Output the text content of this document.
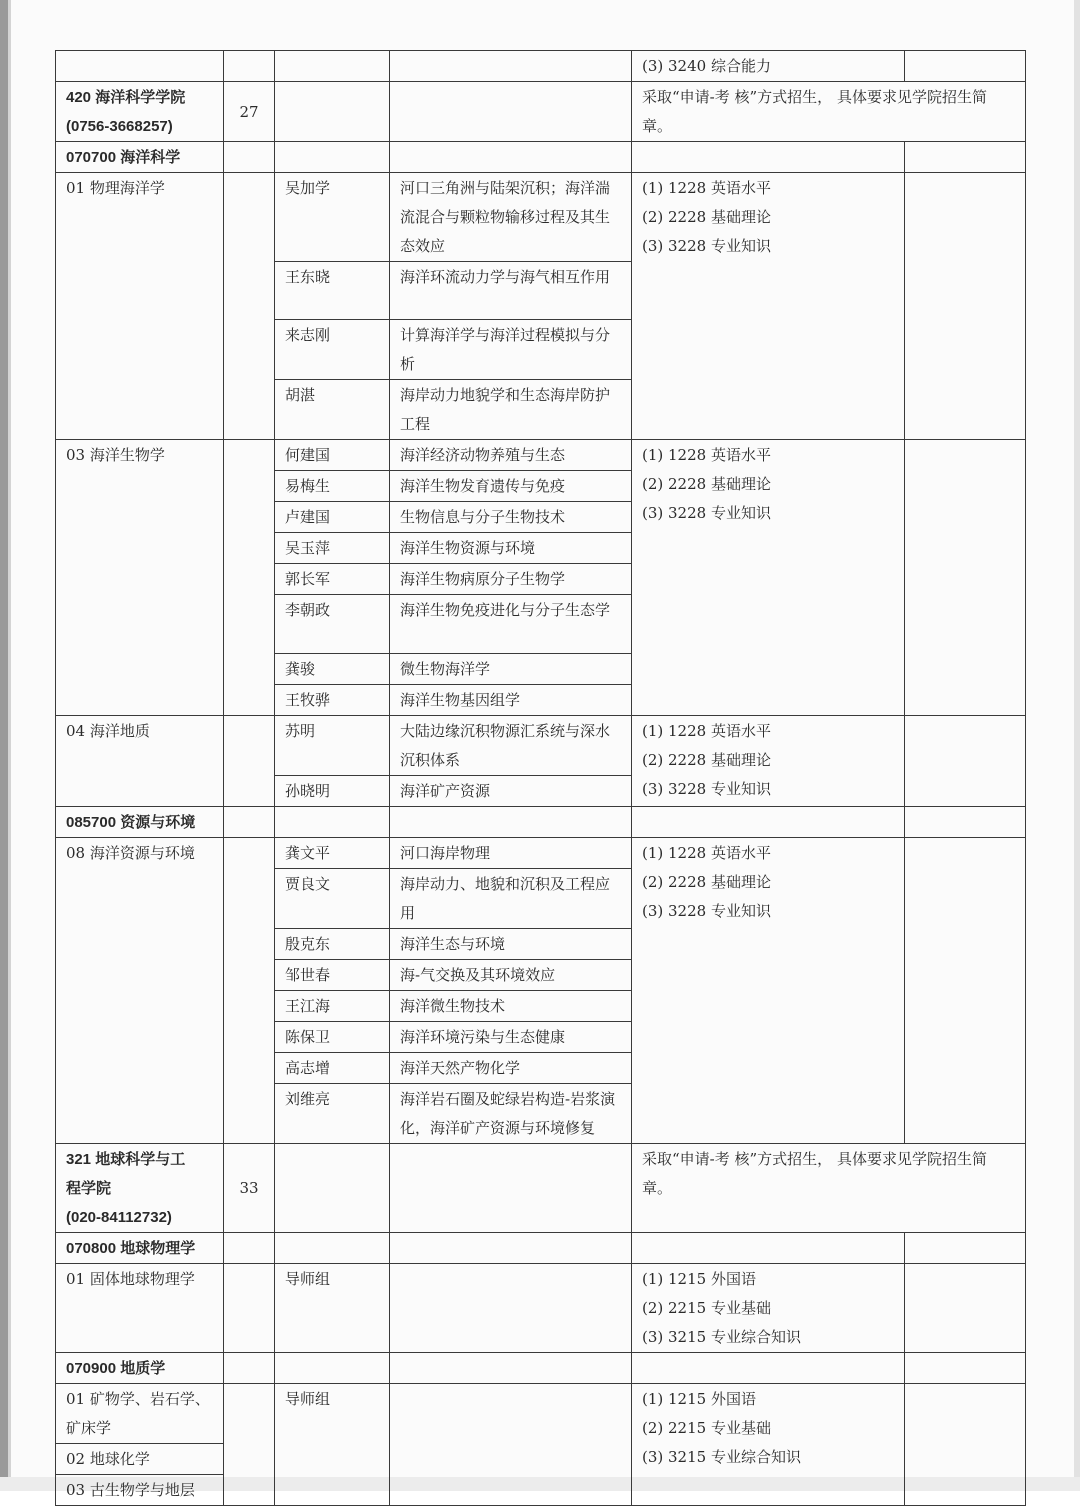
				(3) 3240 综合能力	

420 海洋科学学院
(0756-3668257)	27			采取“申请-考 核”方式招生， 具体要求见学院招生简章。	
070700 海洋科学					
01 物理海洋学		吴加学	河口三角洲与陆架沉积；海洋湍流混合与颗粒物输移过程及其生态效应	(1) 1228 英语水平
(2) 2228 基础理论
(3) 3228 专业知识	

		王东晓	海洋环流动力学与海气相互作用		
		来志刚	计算海洋学与海洋过程模拟与分析		
		胡湛	海岸动力地貌学和生态海岸防护工程		
03 海洋生物学		何建国	海洋经济动物养殖与生态	(1) 1228 英语水平
(2) 2228 基础理论
(3) 3228 专业知识	

		易梅生	海洋生物发育遗传与免疫		
		卢建国	生物信息与分子生物技术		
		吴玉萍	海洋生物资源与环境		
		郭长军	海洋生物病原分子生物学		
		李朝政	海洋生物免疫进化与分子生态学		
		龚骏	微生物海洋学		
		王牧骅	海洋生物基因组学		
04 海洋地质		苏明	大陆边缘沉积物源汇系统与深水沉积体系	(1) 1228 英语水平
(2) 2228 基础理论
(3) 3228 专业知识	

		孙晓明	海洋矿产资源		
085700 资源与环境					
08 海洋资源与环境		龚文平	河口海岸物理	(1) 1228 英语水平
(2) 2228 基础理论
(3) 3228 专业知识	

		贾良文	海岸动力、地貌和沉积及工程应用		
		殷克东	海洋生态与环境		
		邹世春	海-气交换及其环境效应		
		王江海	海洋微生物技术		
		陈保卫	海洋环境污染与生态健康		
		高志增	海洋天然产物化学		
		刘维亮	海洋岩石圈及蛇绿岩构造-岩浆演化，海洋矿产资源与环境修复		

321 地球科学与工
程学院
(020-84112732)	33			采取“申请-考 核”方式招生， 具体要求见学院招生简章。	
070800 地球物理学					
01 固体地球物理学		导师组		(1) 1215 外国语
(2) 2215 专业基础
(3) 3215 专业综合知识	

070900 地质学					

01 矿物学、岩石学、
矿床学		导师组		(1) 1215 外国语
(2) 2215 专业基础
(3) 3215 专业综合知识	

02 地球化学					
03 古生物学与地层					
